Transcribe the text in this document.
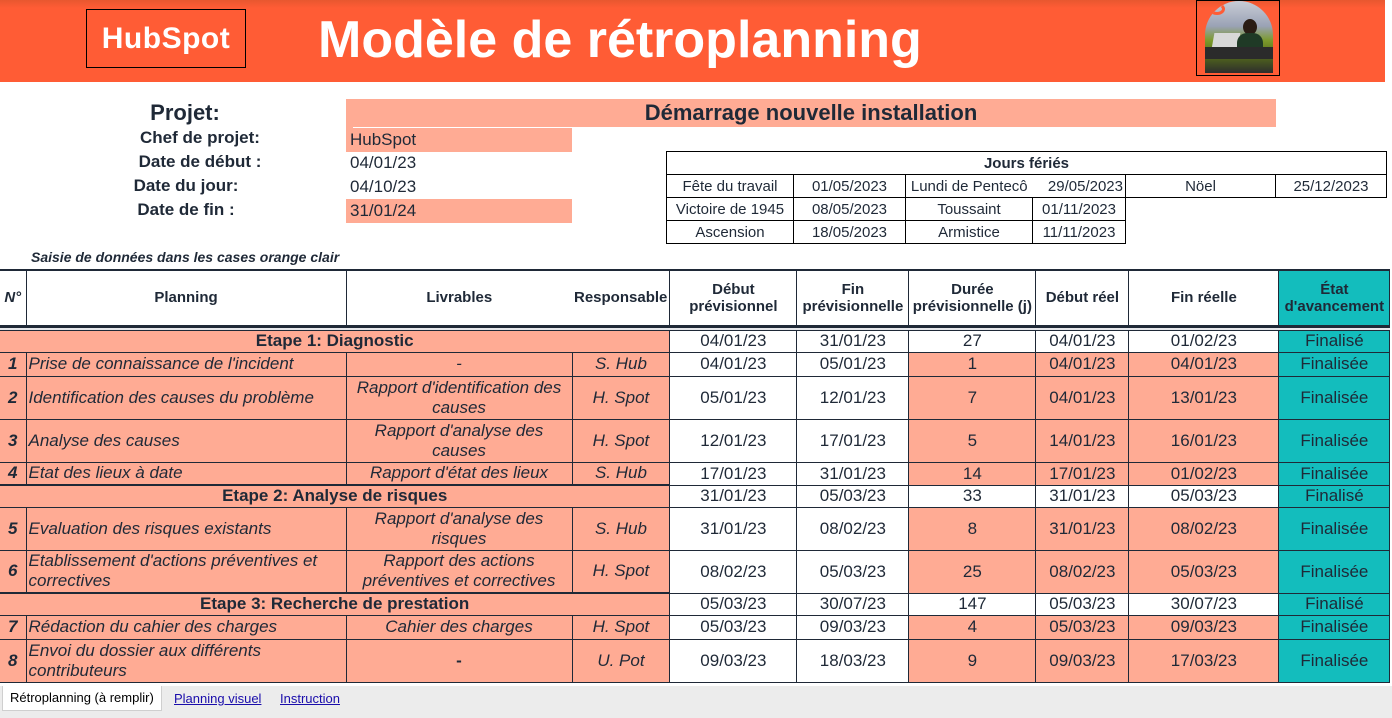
HubSpot Modèle de rétroplanning
Projet:	Démarrage nouvelle installation
Chef de projet:	HubSpot
Date de début :	04/01/23
Date du jour:	04/10/23
Date de fin :	31/01/24
Jours fériés					
Fête du travail	01/05/2023	Lundi de Pentecô	29/05/2023	Nöel	25/12/2023
Victoire de 1945	08/05/2023	Toussaint	01/11/2023		
Ascension	18/05/2023	Armistice	11/11/2023		
Saisie de données dans les cases orange clair
N°	Planning	Livrables	Responsable	Début prévisionnel	Fin prévisionnelle	Durée prévisionnelle (j)	Début réel	Fin réelle	État d'avancement

Etape 1: Diagnostic				04/01/23	31/01/23	27	04/01/23	01/02/23	Finalisé
1	Prise de connaissance de l'incident	-	S. Hub	04/01/23	05/01/23	1	04/01/23	04/01/23	Finalisée
2	Identification des causes du problème	Rapport d'identification des causes	H. Spot	05/01/23	12/01/23	7	04/01/23	13/01/23	Finalisée
3	Analyse des causes	Rapport d'analyse des causes	H. Spot	12/01/23	17/01/23	5	14/01/23	16/01/23	Finalisée
4	Etat des lieux à date	Rapport d'état des lieux	S. Hub	17/01/23	31/01/23	14	17/01/23	01/02/23	Finalisée
Etape 2: Analyse de risques				31/01/23	05/03/23	33	31/01/23	05/03/23	Finalisé
5	Evaluation des risques existants	Rapport d'analyse des risques	S. Hub	31/01/23	08/02/23	8	31/01/23	08/02/23	Finalisée
6	Etablissement d'actions préventives et correctives	Rapport des actions préventives et correctives	H. Spot	08/02/23	05/03/23	25	08/02/23	05/03/23	Finalisée
Etape 3: Recherche de prestation				05/03/23	30/07/23	147	05/03/23	30/07/23	Finalisé
7	Rédaction du cahier des charges	Cahier des charges	H. Spot	05/03/23	09/03/23	4	05/03/23	09/03/23	Finalisée
8	Envoi du dossier aux différents contributeurs	-	U. Pot	09/03/23	18/03/23	9	09/03/23	17/03/23	Finalisée
Rétroplanning (à remplir)	Planning visuel Instruction
